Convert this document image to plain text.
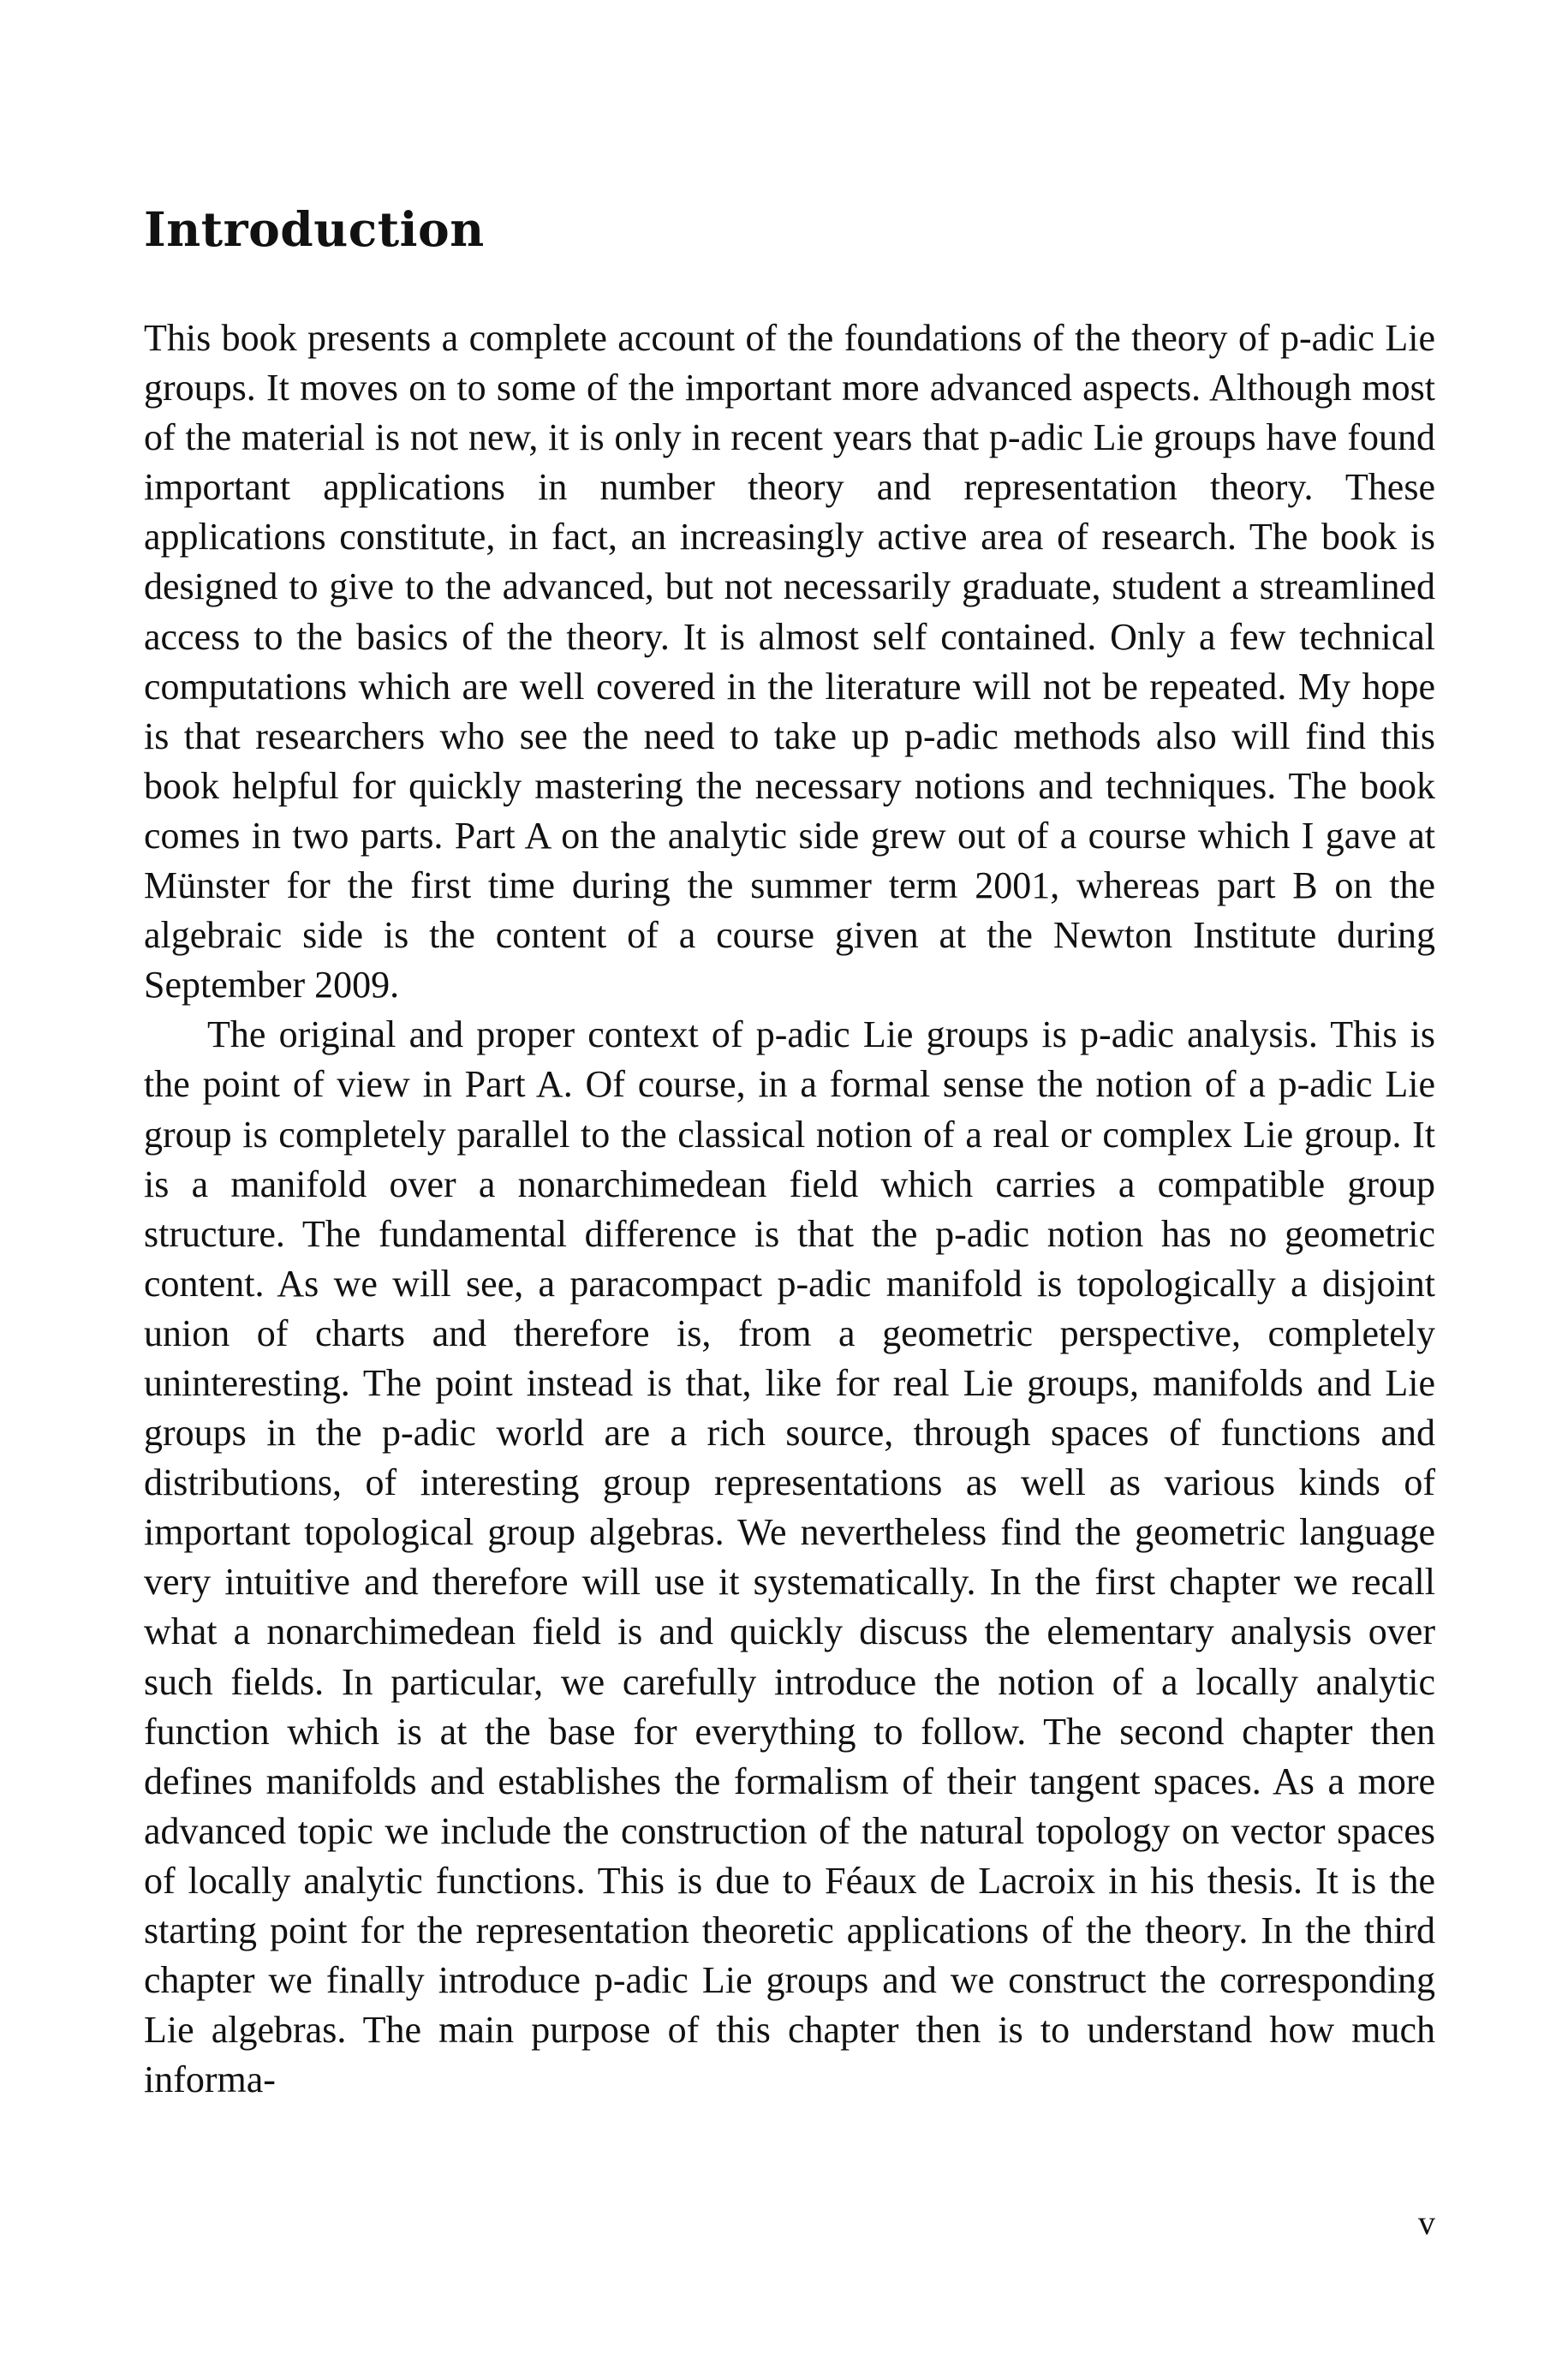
Introduction

This book presents a complete account of the foundations of the theory of p-adic Lie groups. It moves on to some of the important more advanced aspects. Although most of the material is not new, it is only in recent years that p-adic Lie groups have found important applications in number theory and representation theory. These applications constitute, in fact, an increasingly active area of research. The book is designed to give to the advanced, but not necessarily graduate, student a streamlined access to the basics of the theory. It is almost self contained. Only a few technical computations which are well covered in the literature will not be repeated. My hope is that researchers who see the need to take up p-adic methods also will find this book helpful for quickly mastering the necessary notions and techniques. The book comes in two parts. Part A on the analytic side grew out of a course which I gave at Münster for the first time during the summer term 2001, whereas part B on the algebraic side is the content of a course given at the Newton Institute during September 2009.

The original and proper context of p-adic Lie groups is p-adic analysis. This is the point of view in Part A. Of course, in a formal sense the notion of a p-adic Lie group is completely parallel to the classical notion of a real or complex Lie group. It is a manifold over a nonarchimedean field which carries a compatible group structure. The fundamental difference is that the p-adic notion has no geometric content. As we will see, a paracompact p-adic manifold is topologically a disjoint union of charts and therefore is, from a geometric perspective, completely uninteresting. The point instead is that, like for real Lie groups, manifolds and Lie groups in the p-adic world are a rich source, through spaces of functions and distributions, of interesting group representations as well as various kinds of important topological group algebras. We nevertheless find the geometric language very intuitive and therefore will use it systematically. In the first chapter we recall what a nonarchimedean field is and quickly discuss the elementary analysis over such fields. In particular, we carefully introduce the notion of a locally analytic function which is at the base for everything to follow. The second chapter then defines manifolds and establishes the formalism of their tangent spaces. As a more advanced topic we include the construction of the natural topology on vector spaces of locally analytic functions. This is due to Féaux de Lacroix in his thesis. It is the starting point for the representation theoretic applications of the theory. In the third chapter we finally introduce p-adic Lie groups and we construct the corresponding Lie algebras. The main purpose of this chapter then is to understand how much informa-

v
